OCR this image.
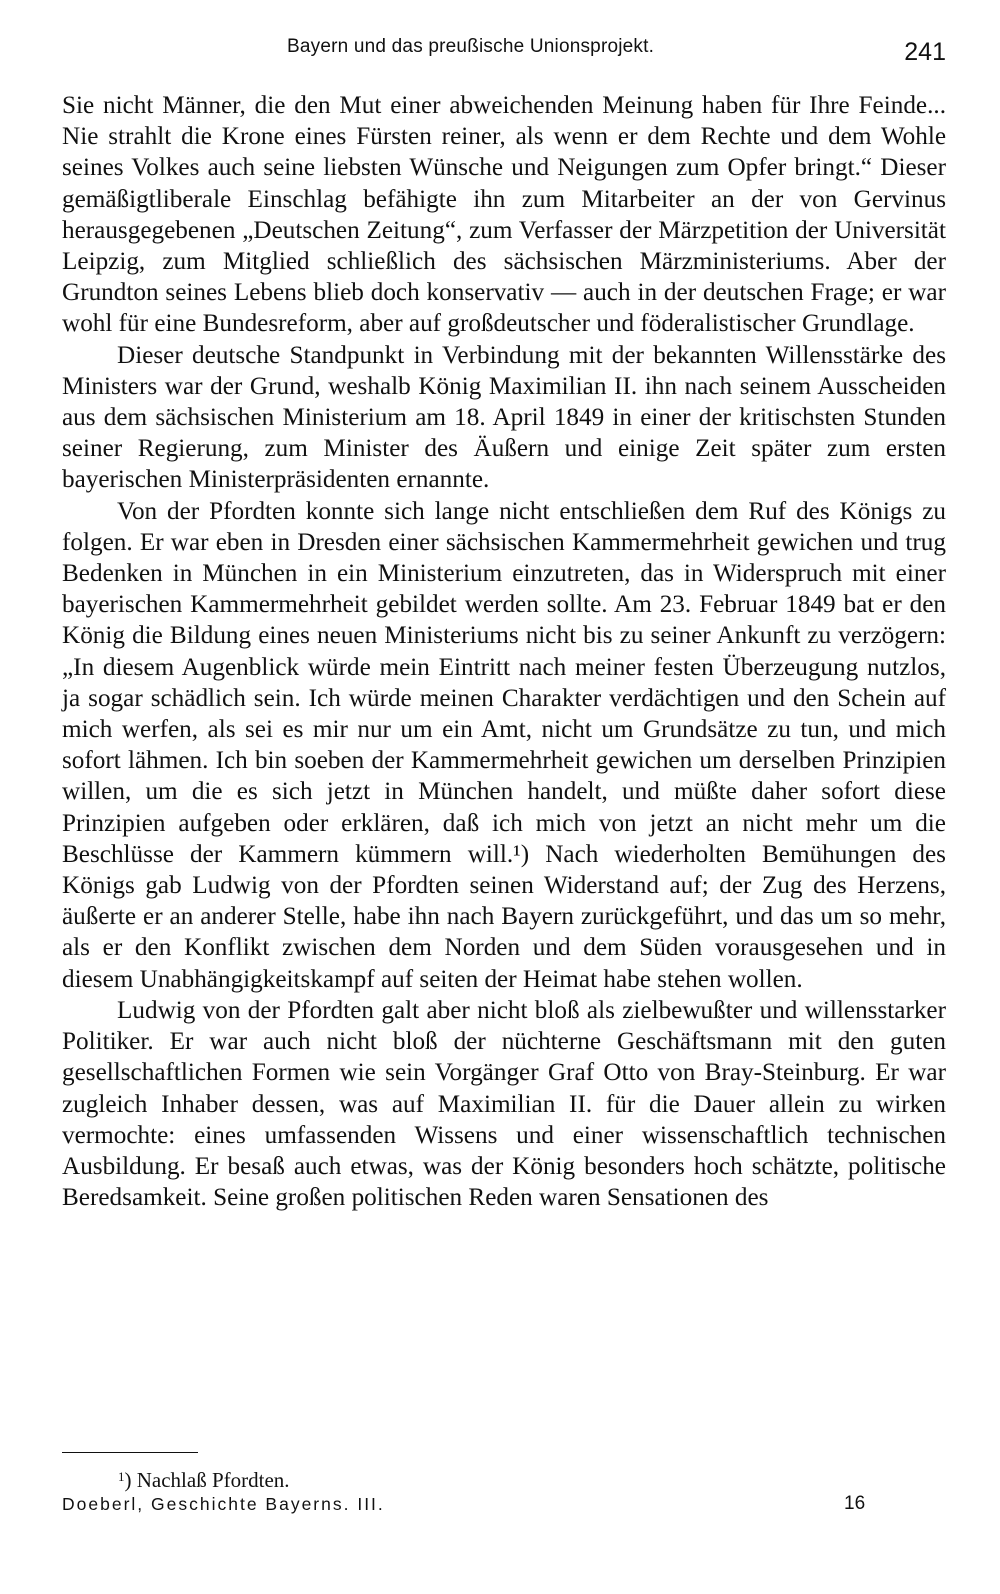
Bayern und das preußische Unionsprojekt.	241

Sie nicht Männer, die den Mut einer abweichenden Meinung haben für Ihre Feinde... Nie strahlt die Krone eines Fürsten reiner, als wenn er dem Rechte und dem Wohle seines Volkes auch seine liebsten Wünsche und Neigungen zum Opfer bringt.“ Dieser gemäßigtliberale Einschlag befähigte ihn zum Mitarbeiter an der von Gervinus herausgegebenen „Deutschen Zeitung“, zum Verfasser der Märzpetition der Universität Leipzig, zum Mitglied schließlich des sächsischen Märzministeriums. Aber der Grundton seines Lebens blieb doch konservativ — auch in der deutschen Frage; er war wohl für eine Bundesreform, aber auf großdeutscher und föderalistischer Grundlage.

Dieser deutsche Standpunkt in Verbindung mit der bekannten Willensstärke des Ministers war der Grund, weshalb König Maximilian II. ihn nach seinem Ausscheiden aus dem sächsischen Ministerium am 18. April 1849 in einer der kritischsten Stunden seiner Regierung, zum Minister des Äußern und einige Zeit später zum ersten bayerischen Ministerpräsidenten ernannte.

Von der Pfordten konnte sich lange nicht entschließen dem Ruf des Königs zu folgen. Er war eben in Dresden einer sächsischen Kammermehrheit gewichen und trug Bedenken in München in ein Ministerium einzutreten, das in Widerspruch mit einer bayerischen Kammermehrheit gebildet werden sollte. Am 23. Februar 1849 bat er den König die Bildung eines neuen Ministeriums nicht bis zu seiner Ankunft zu verzögern: „In diesem Augenblick würde mein Eintritt nach meiner festen Überzeugung nutzlos, ja sogar schädlich sein. Ich würde meinen Charakter verdächtigen und den Schein auf mich werfen, als sei es mir nur um ein Amt, nicht um Grundsätze zu tun, und mich sofort lähmen. Ich bin soeben der Kammermehrheit gewichen um derselben Prinzipien willen, um die es sich jetzt in München handelt, und müßte daher sofort diese Prinzipien aufgeben oder erklären, daß ich mich von jetzt an nicht mehr um die Beschlüsse der Kammern kümmern will.¹) Nach wiederholten Bemühungen des Königs gab Ludwig von der Pfordten seinen Widerstand auf; der Zug des Herzens, äußerte er an anderer Stelle, habe ihn nach Bayern zurückgeführt, und das um so mehr, als er den Konflikt zwischen dem Norden und dem Süden vorausgesehen und in diesem Unabhängigkeitskampf auf seiten der Heimat habe stehen wollen.

Ludwig von der Pfordten galt aber nicht bloß als zielbewußter und willensstarker Politiker. Er war auch nicht bloß der nüchterne Geschäftsmann mit den guten gesellschaftlichen Formen wie sein Vorgänger Graf Otto von Bray-Steinburg. Er war zugleich Inhaber dessen, was auf Maximilian II. für die Dauer allein zu wirken vermochte: eines umfassenden Wissens und einer wissenschaftlich technischen Ausbildung. Er besaß auch etwas, was der König besonders hoch schätzte, politische Beredsamkeit. Seine großen politischen Reden waren Sensationen des

$^1$) Nachlaß Pfordten.
Doeberl, Geschichte Bayerns. III.	16
